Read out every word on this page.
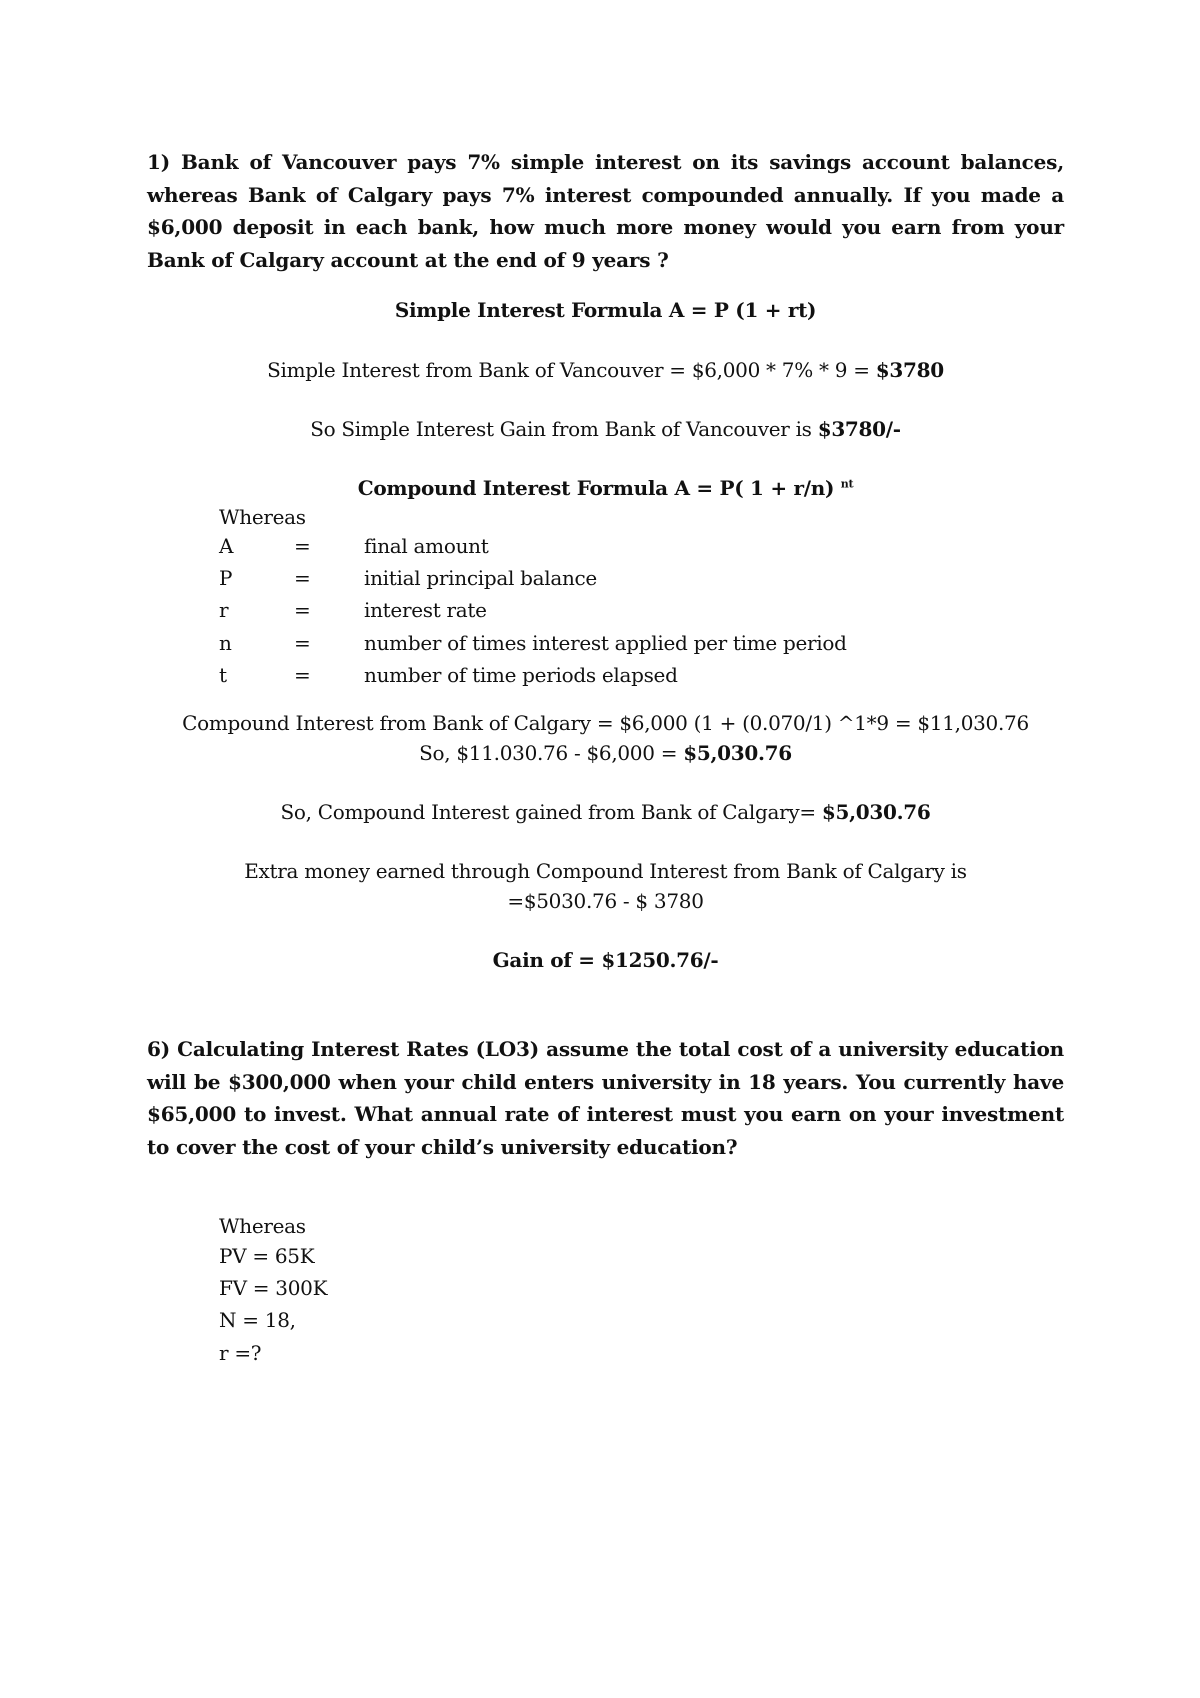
1) Bank of Vancouver pays 7% simple interest on its savings account balances, whereas Bank of Calgary pays 7% interest compounded annually. If you made a $6,000 deposit in each bank, how much more money would you earn from your Bank of Calgary account at the end of 9 years ?
Simple Interest Formula A = P (1 + rt)
Simple Interest from Bank of Vancouver = $6,000 * 7% * 9 = $3780
So Simple Interest Gain from Bank of Vancouver is $3780/-
Compound Interest Formula A = P( 1 + r/n) $^{nt}$
Whereas
A	=	final amount
P	=	initial principal balance
r	=	interest rate
n	=	number of times interest applied per time period
t	=	number of time periods elapsed
Compound Interest from Bank of Calgary = $6,000 (1 + (0.070/1) ^1*9 = $11,030.76
So, $11.030.76 - $6,000 = $5,030.76
So, Compound Interest gained from Bank of Calgary= $5,030.76
Extra money earned through Compound Interest from Bank of Calgary is
=$5030.76 - $ 3780
Gain of = $1250.76/-
6) Calculating Interest Rates (LO3) assume the total cost of a university education will be $300,000 when your child enters university in 18 years. You currently have $65,000 to invest. What annual rate of interest must you earn on your investment to cover the cost of your child’s university education?
Whereas
PV = 65K
FV = 300K
N = 18,
r =?
